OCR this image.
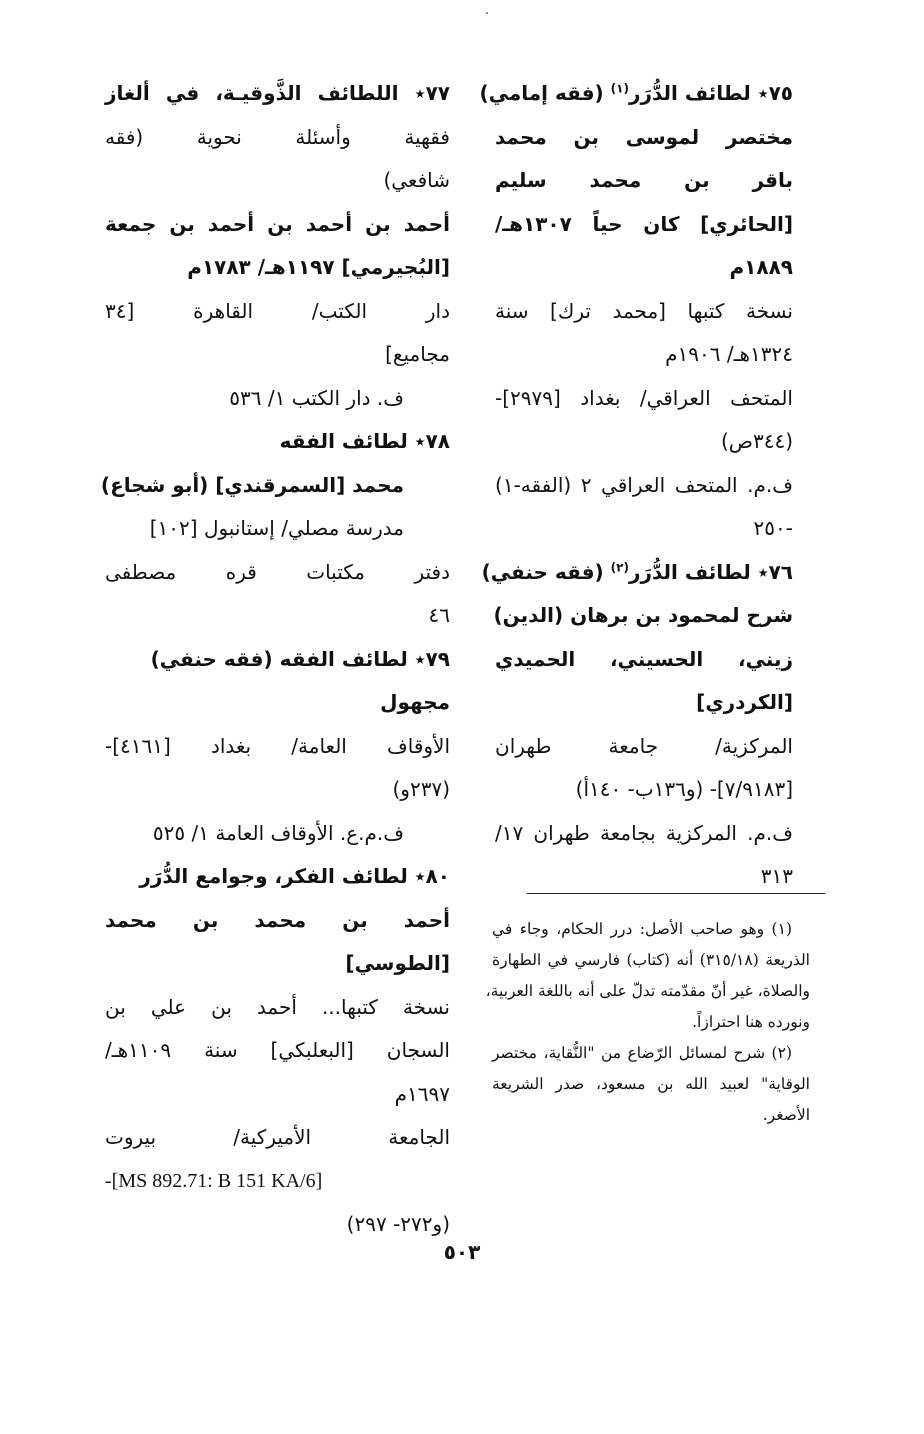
٧٥٭ لطائف الدُّرَر$^{(١)}$ (فقه إمامي)
مختصر لموسى بن محمد
باقر بن محمد سليم
[الحائري] كان حياً ١٣٠٧هـ/
١٨٨٩م
نسخة كتبها [محمد ترك] سنة
١٣٢٤هـ/ ١٩٠٦م
المتحف العراقي/ بغداد [٢٩٧٩]-
(٣٤٤ص)
ف.م. المتحف العراقي ٢ (الفقه-١)
-٢٥٠
٧٦٭ لطائف الدُّرَر$^{(٢)}$ (فقه حنفي)
شرح لمحمود بن برهان (الدين)
زيني، الحسيني، الحميدي
[الكردري]
المركزية/ جامعة طهران
[٧/٩١٨٣]- (و١٣٦ب- ١٤٠أ)
ف.م. المركزية بجامعة طهران ١٧/
٣١٣
٧٧٭ اللطائف الذَّوقيـة، في ألغاز
فقهية وأسئلة نحوية (فقه
شافعي)
أحمد بن أحمد بن أحمد بن جمعة
[البُجيرمي] ١١٩٧هـ/ ١٧٨٣م
دار الكتب/ القاهرة [٣٤
مجاميع]
ف. دار الكتب ١/ ٥٣٦
٧٨٭ لطائف الفقه
محمد [السمرقندي] (أبو شجاع)
مدرسة مصلي/ إستانبول [١٠٢]
دفتر مكتبات قره مصطفى
٤٦
٧٩٭ لطائف الفقه (فقه حنفي)
مجهول
الأوقاف العامة/ بغداد [٤١٦١]-
(٢٣٧و)
ف.م.ع. الأوقاف العامة ١/ ٥٢٥
٨٠٭ لطائف الفكر، وجوامع الدُّرَر
أحمد بن محمد بن محمد
[الطوسي]
نسخة كتبها... أحمد بن علي بن
السجان [البعلبكي] سنة ١١٠٩هـ/
١٦٩٧م
الجامعة الأميركية/ بيروت
-[MS 892.71: B 151 KA/6]
(و٢٧٢- ٢٩٧)
(١) وهو صاحب الأصل: درر الحكام، وجاء في
الذريعة (٣١٥/١٨) أنه (كتاب) فارسي في الطهارة
والصلاة، غير أنّ مقدّمته تدلّ على أنه باللغة العربية،
ونورده هنا احترازاً.
(٢) شرح لمسائل الرّضاع من "النُّقاية، مختصر
الوقاية" لعبيد الله بن مسعود، صدر الشريعة
الأصغر.
٥٠٣
